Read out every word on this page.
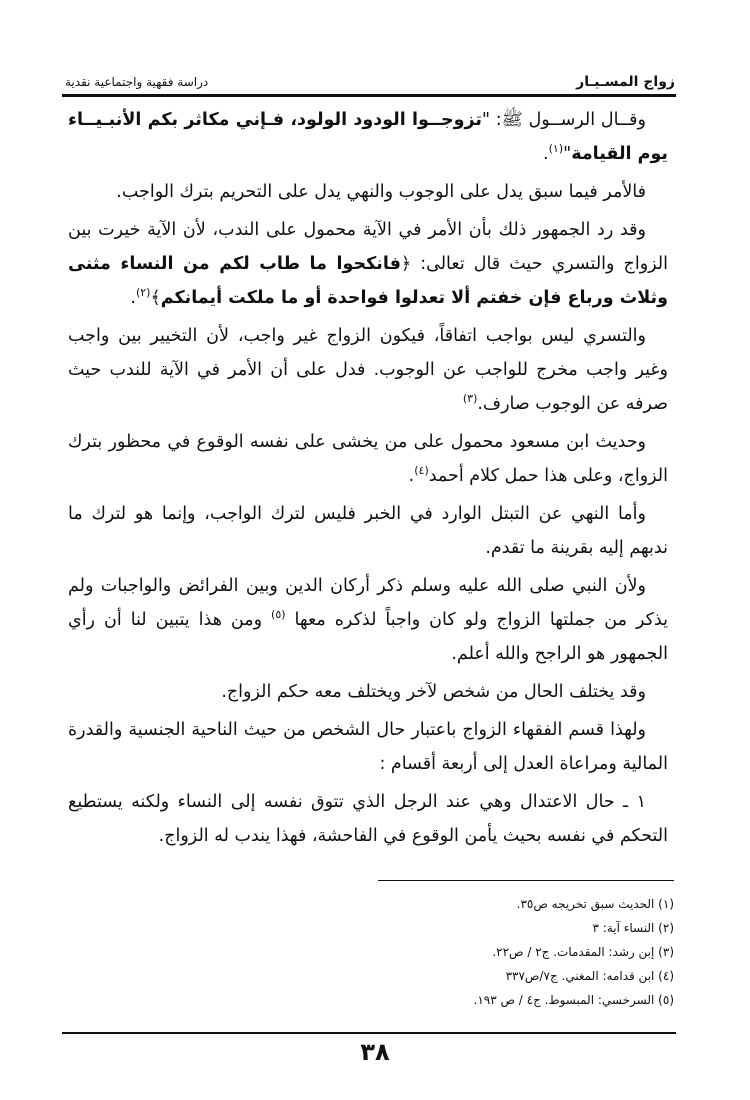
زواج المسـيـار
دراسة فقهية واجتماعية نقدية

وقــال الرســول ﷺ: "تزوجــوا الودود الولود، فـإني مكاثر بكم الأنبـيــاء يوم القيامة"$^{(١)}$.

فالأمر فيما سبق يدل على الوجوب والنهي يدل على التحريم بترك الواجب.

وقد رد الجمهور ذلك بأن الأمر في الآية محمول على الندب، لأن الآية خيرت بين الزواج والتسري حيث قال تعالى: ﴿فانكحوا ما طاب لكم من النساء مثنى وثلاث ورباع فإن خفتم ألا تعدلوا فواحدة أو ما ملكت أيمانكم﴾$^{(٢)}$.

والتسري ليس بواجب اتفاقاً، فيكون الزواج غير واجب، لأن التخيير بين واجب وغير واجب مخرج للواجب عن الوجوب. فدل على أن الأمر في الآية للندب حيث صرفه عن الوجوب صارف.$^{(٣)}$

وحديث ابن مسعود محمول على من يخشى على نفسه الوقوع في محظور بترك الزواج، وعلى هذا حمل كلام أحمد$^{(٤)}$.

وأما النهي عن التبتل الوارد في الخبر فليس لترك الواجب، وإنما هو لترك ما ندبهم إليه بقرينة ما تقدم.

ولأن النبي صلى الله عليه وسلم ذكر أركان الدين وبين الفرائض والواجبات ولم يذكر من جملتها الزواج ولو كان واجباً لذكره معها $^{(٥)}$ ومن هذا يتبين لنا أن رأي الجمهور هو الراجح والله أعلم.

وقد يختلف الحال من شخص لآخر ويختلف معه حكم الزواج.

ولهذا قسم الفقهاء الزواج باعتبار حال الشخص من حيث الناحية الجنسية والقدرة المالية ومراعاة العدل إلى أربعة أقسام :

١ ـ حال الاعتدال وهي عند الرجل الذي تتوق نفسه إلى النساء ولكنه يستطيع التحكم في نفسه بحيث يأمن الوقوع في الفاحشة، فهذا يندب له الزواج.

(١) الحديث سبق تخريجه ص٣٥.
(٢) النساء آية: ٣
(٣) إبن رشد: المقدمات. ج٢ / ص٢٢.
(٤) ابن قدامه: المغني. ج٧/ص٣٣٧
(٥) السرخسي: المبسوط. ج٤ / ص ١٩٣.
٣٨
